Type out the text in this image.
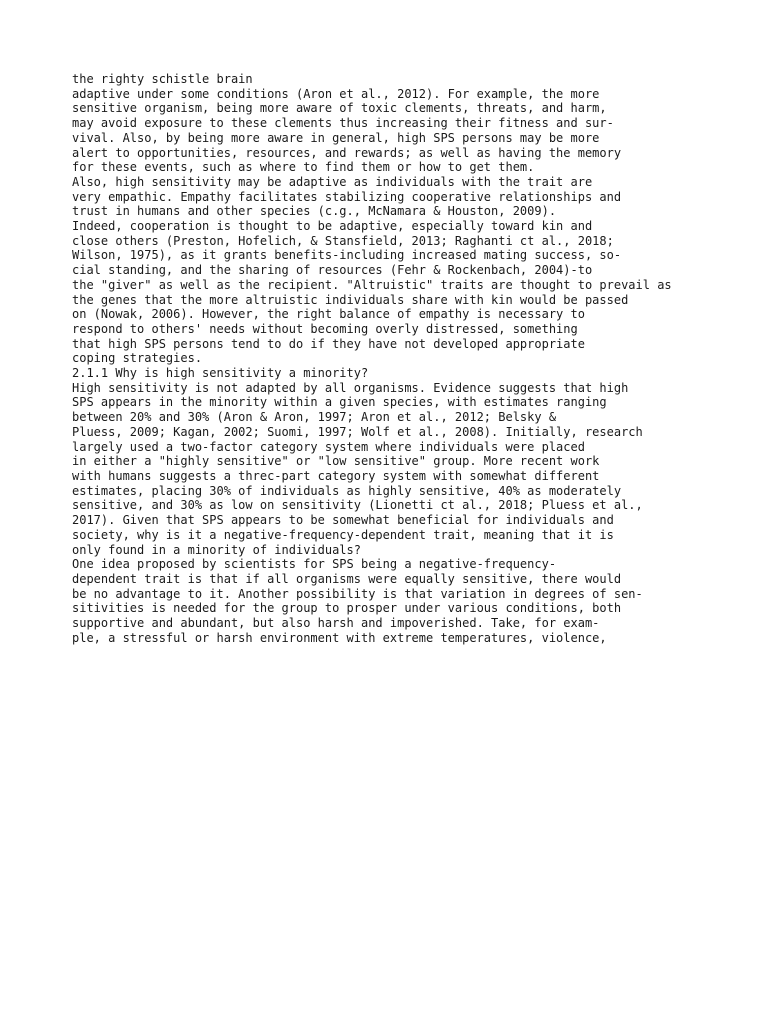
the righty schistle brain

adaptive under some conditions (Aron et al., 2012). For example, the more

sensitive organism, being more aware of toxic clements, threats, and harm,

may avoid exposure to these clements thus increasing their fitness and sur-

vival. Also, by being more aware in general, high SPS persons may be more

alert to opportunities, resources, and rewards; as well as having the memory

for these events, such as where to find them or how to get them.

Also, high sensitivity may be adaptive as individuals with the trait are

very empathic. Empathy facilitates stabilizing cooperative relationships and

trust in humans and other species (c.g., McNamara & Houston, 2009).

Indeed, cooperation is thought to be adaptive, especially toward kin and

close others (Preston, Hofelich, & Stansfield, 2013; Raghanti ct al., 2018;

Wilson, 1975), as it grants benefits-including increased mating success, so-

cial standing, and the sharing of resources (Fehr & Rockenbach, 2004)-to

the "giver" as well as the recipient. "Altruistic" traits are thought to prevail as

the genes that the more altruistic individuals share with kin would be passed

on (Nowak, 2006). However, the right balance of empathy is necessary to

respond to others' needs without becoming overly distressed, something

that high SPS persons tend to do if they have not developed appropriate

coping strategies.

2.1.1 Why is high sensitivity a minority?

High sensitivity is not adapted by all organisms. Evidence suggests that high

SPS appears in the minority within a given species, with estimates ranging

between 20% and 30% (Aron & Aron, 1997; Aron et al., 2012; Belsky &

Pluess, 2009; Kagan, 2002; Suomi, 1997; Wolf et al., 2008). Initially, research

largely used a two-factor category system where individuals were placed

in either a "highly sensitive" or "low sensitive" group. More recent work

with humans suggests a threc-part category system with somewhat different

estimates, placing 30% of individuals as highly sensitive, 40% as moderately

sensitive, and 30% as low on sensitivity (Lionetti ct al., 2018; Pluess et al.,

2017). Given that SPS appears to be somewhat beneficial for individuals and

society, why is it a negative-frequency-dependent trait, meaning that it is

only found in a minority of individuals?

One idea proposed by scientists for SPS being a negative-frequency-

dependent trait is that if all organisms were equally sensitive, there would

be no advantage to it. Another possibility is that variation in degrees of sen-

sitivities is needed for the group to prosper under various conditions, both

supportive and abundant, but also harsh and impoverished. Take, for exam-

ple, a stressful or harsh environment with extreme temperatures, violence,
